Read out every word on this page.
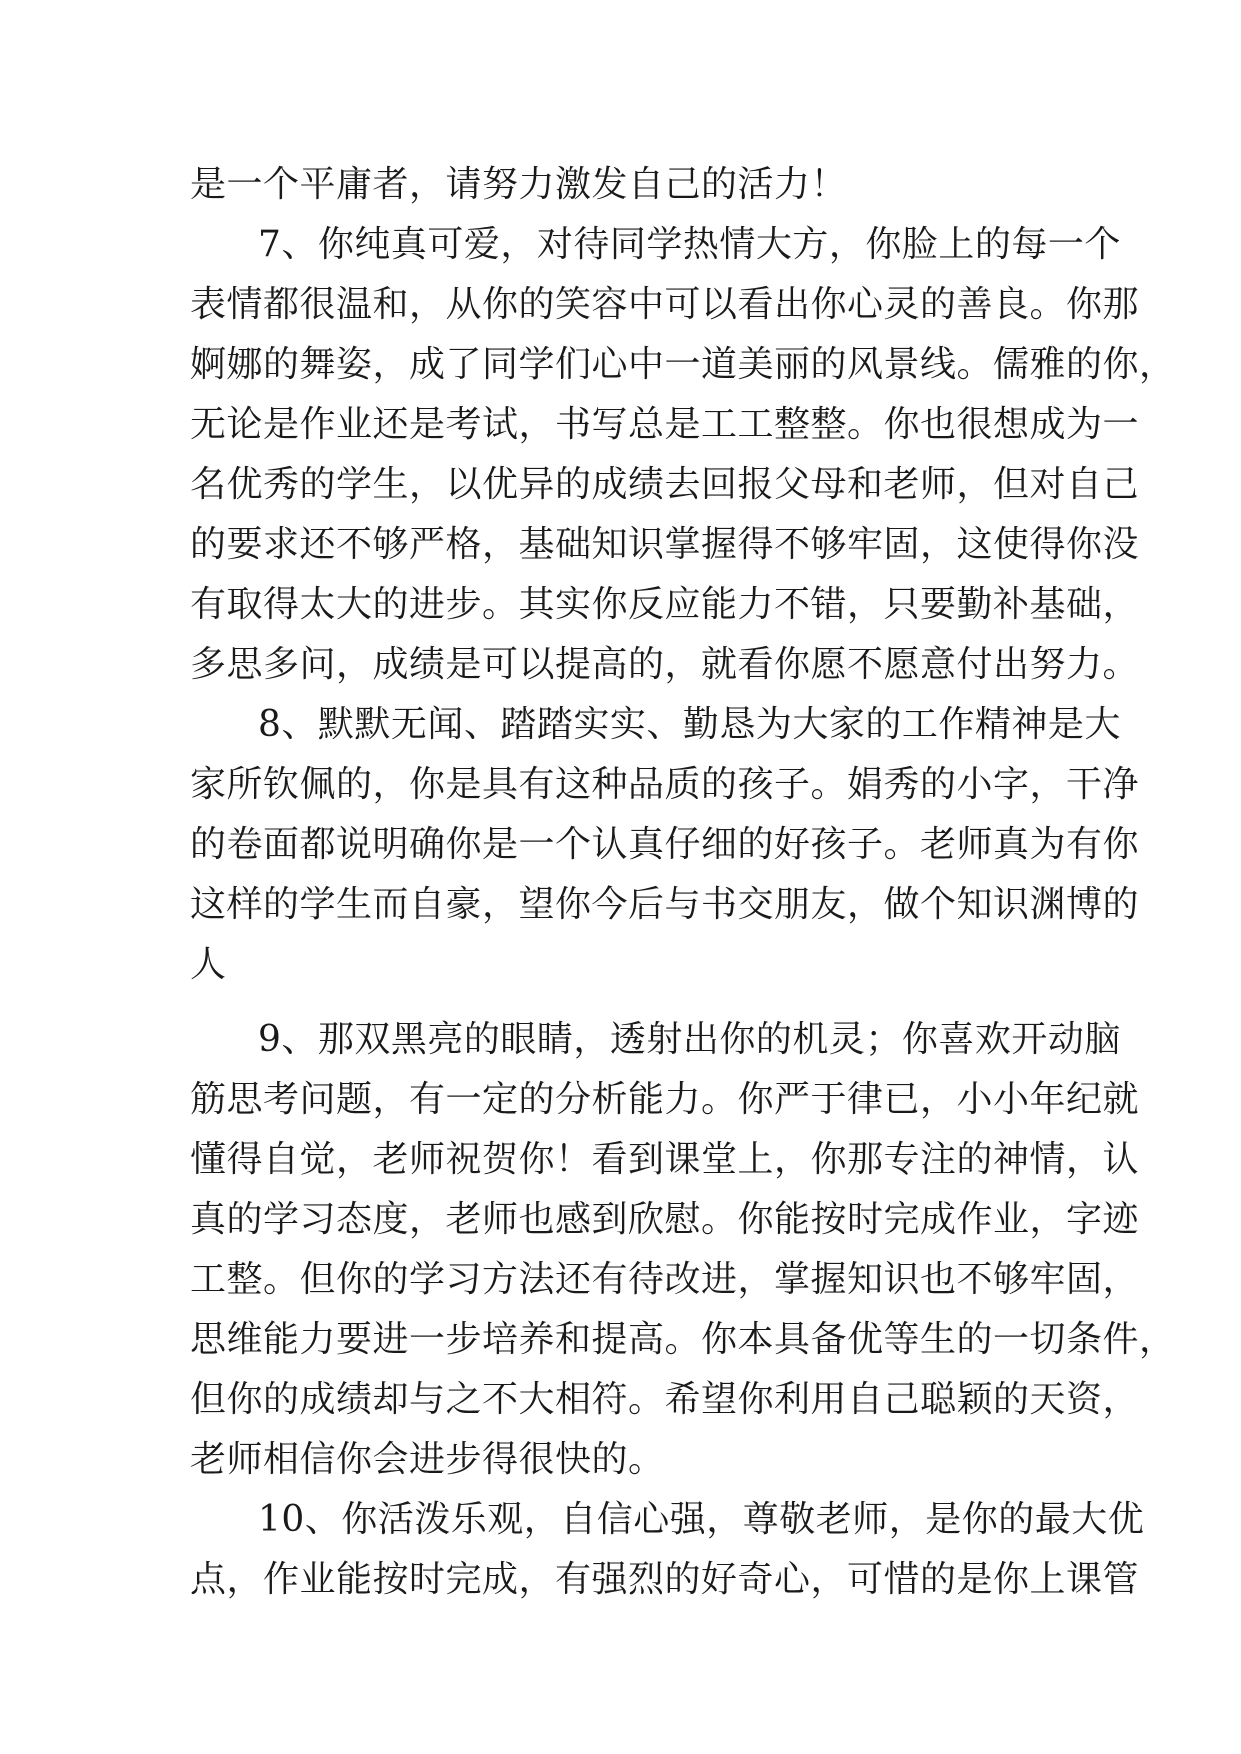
是一个平庸者，请努力激发自己的活力！
7、你纯真可爱，对待同学热情大方，你脸上的每一个
表情都很温和，从你的笑容中可以看出你心灵的善良。你那
婀娜的舞姿，成了同学们心中一道美丽的风景线。儒雅的你，
无论是作业还是考试，书写总是工工整整。你也很想成为一
名优秀的学生，以优异的成绩去回报父母和老师，但对自己
的要求还不够严格，基础知识掌握得不够牢固，这使得你没
有取得太大的进步。其实你反应能力不错，只要勤补基础，
多思多问，成绩是可以提高的，就看你愿不愿意付出努力。
8、默默无闻、踏踏实实、勤恳为大家的工作精神是大
家所钦佩的，你是具有这种品质的孩子。娟秀的小字，干净
的卷面都说明确你是一个认真仔细的好孩子。老师真为有你
这样的学生而自豪，望你今后与书交朋友，做个知识渊博的
人
9、那双黑亮的眼睛，透射出你的机灵；你喜欢开动脑
筋思考问题，有一定的分析能力。你严于律已，小小年纪就
懂得自觉，老师祝贺你！看到课堂上，你那专注的神情，认
真的学习态度，老师也感到欣慰。你能按时完成作业，字迹
工整。但你的学习方法还有待改进，掌握知识也不够牢固，
思维能力要进一步培养和提高。你本具备优等生的一切条件，
但你的成绩却与之不大相符。希望你利用自己聪颖的天资，
老师相信你会进步得很快的。
10、你活泼乐观，自信心强，尊敬老师，是你的最大优
点，作业能按时完成，有强烈的好奇心，可惜的是你上课管
